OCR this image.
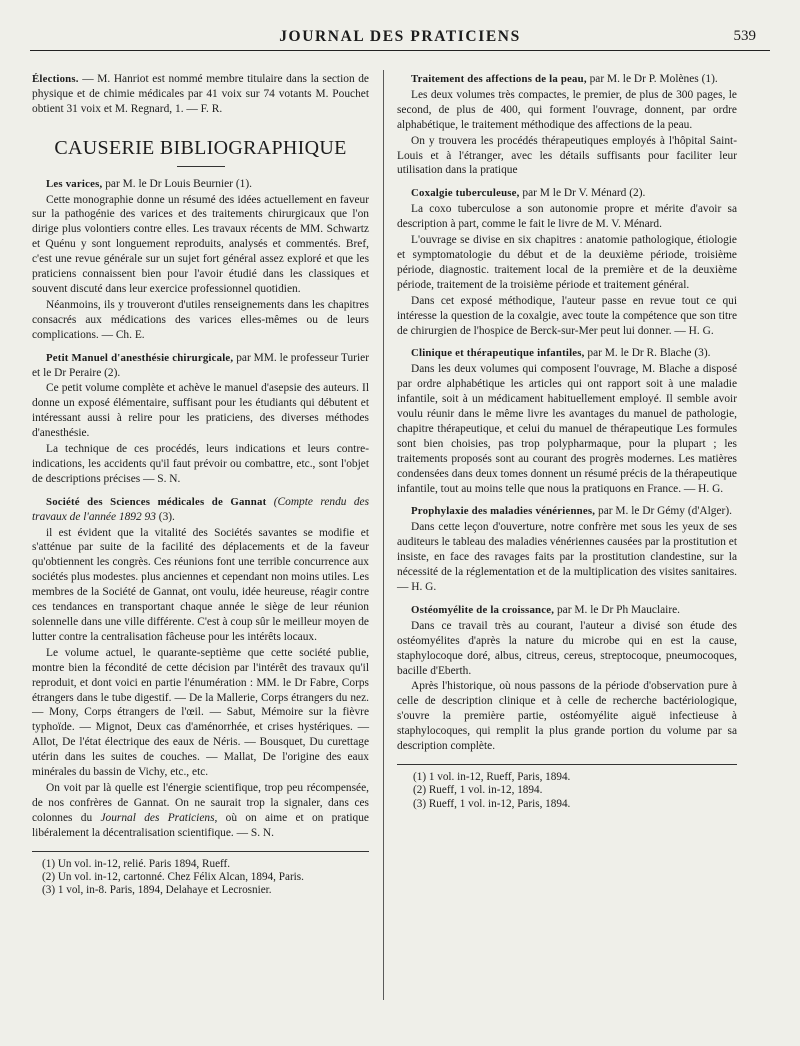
JOURNAL DES PRATICIENS	539

Élections. — M. Hanriot est nommé membre titulaire dans la section de physique et de chimie médicales par 41 voix sur 74 votants M. Pouchet obtient 31 voix et M. Regnard, 1. — F. R.

CAUSERIE BIBLIOGRAPHIQUE

Les varices, par M. le Dr Louis Beurnier (1).

Cette monographie donne un résumé des idées actuellement en faveur sur la pathogénie des varices et des traitements chirurgicaux que l'on dirige plus volontiers contre elles. Les travaux récents de MM. Schwartz et Quénu y sont longuement reproduits, analysés et commentés. Bref, c'est une revue générale sur un sujet fort général assez exploré et que les praticiens connaissent bien pour l'avoir étudié dans les classiques et souvent discuté dans leur exercice professionnel quotidien.

Néanmoins, ils y trouveront d'utiles renseignements dans les chapitres consacrés aux médications des varices elles-mêmes ou de leurs complications. — Ch. E.

Petit Manuel d'anesthésie chirurgicale, par MM. le professeur Turier et le Dr Peraire (2).

Ce petit volume complète et achève le manuel d'asepsie des auteurs. Il donne un exposé élémentaire, suffisant pour les étudiants qui débutent et intéressant aussi à relire pour les praticiens, des diverses méthodes d'anesthésie.

La technique de ces procédés, leurs indications et leurs contre-indications, les accidents qu'il faut prévoir ou combattre, etc., sont l'objet de descriptions précises — S. N.

Société des Sciences médicales de Gannat (Compte rendu des travaux de l'année 1892 93 (3).

il est évident que la vitalité des Sociétés savantes se modifie et s'atténue par suite de la facilité des déplacements et de la faveur qu'obtiennent les congrès. Ces réunions font une terrible concurrence aux sociétés plus modestes. plus anciennes et cependant non moins utiles. Les membres de la Société de Gannat, ont voulu, idée heureuse, réagir contre ces tendances en transportant chaque année le siège de leur réunion solennelle dans une ville différente. C'est à coup sûr le meilleur moyen de lutter contre la centralisation fâcheuse pour les intérêts locaux.

Le volume actuel, le quarante-septième que cette société publie, montre bien la fécondité de cette décision par l'intérêt des travaux qu'il reproduit, et dont voici en partie l'énumération : MM. le Dr Fabre, Corps étrangers dans le tube digestif. — De la Mallerie, Corps étrangers du nez. — Mony, Corps étrangers de l'œil. — Sabut, Mémoire sur la fièvre typhoïde. — Mignot, Deux cas d'aménorrhée, et crises hystériques. — Allot, De l'état électrique des eaux de Néris. — Bousquet, Du curettage utérin dans les suites de couches. — Mallat, De l'origine des eaux minérales du bassin de Vichy, etc., etc.

On voit par là quelle est l'énergie scientifique, trop peu récompensée, de nos confrères de Gannat. On ne saurait trop la signaler, dans ces colonnes du Journal des Praticiens, où on aime et on pratique libéralement la décentralisation scientifique. — S. N.

(1) Un vol. in-12, relié. Paris 1894, Rueff.
(2) Un vol. in-12, cartonné. Chez Félix Alcan, 1894, Paris.
(3) 1 vol, in-8. Paris, 1894, Delahaye et Lecrosnier.

Traitement des affections de la peau, par M. le Dr P. Molènes (1).

Les deux volumes très compactes, le premier, de plus de 300 pages, le second, de plus de 400, qui forment l'ouvrage, donnent, par ordre alphabétique, le traitement méthodique des affections de la peau.

On y trouvera les procédés thérapeutiques employés à l'hôpital Saint-Louis et à l'étranger, avec les détails suffisants pour faciliter leur utilisation dans la pratique

Coxalgie tuberculeuse, par M le Dr V. Ménard (2).

La coxo tuberculose a son autonomie propre et mérite d'avoir sa description à part, comme le fait le livre de M. V. Ménard.

L'ouvrage se divise en six chapitres : anatomie pathologique, étiologie et symptomatologie du début et de la deuxième période, troisième période, diagnostic. traitement local de la première et de la deuxième période, traitement de la troisième période et traitement général.

Dans cet exposé méthodique, l'auteur passe en revue tout ce qui intéresse la question de la coxalgie, avec toute la compétence que son titre de chirurgien de l'hospice de Berck-sur-Mer peut lui donner. — H. G.

Clinique et thérapeutique infantiles, par M. le Dr R. Blache (3).

Dans les deux volumes qui composent l'ouvrage, M. Blache a disposé par ordre alphabétique les articles qui ont rapport soit à une maladie infantile, soit à un médicament habituellement employé. Il semble avoir voulu réunir dans le même livre les avantages du manuel de pathologie, chapitre thérapeutique, et celui du manuel de thérapeutique Les formules sont bien choisies, pas trop polypharmaque, pour la plupart ; les traitements proposés sont au courant des progrès modernes. Les matières condensées dans deux tomes donnent un résumé précis de la thérapeutique infantile, tout au moins telle que nous la pratiquons en France. — H. G.

Prophylaxie des maladies vénériennes, par M. le Dr Gémy (d'Alger).

Dans cette leçon d'ouverture, notre confrère met sous les yeux de ses auditeurs le tableau des maladies vénériennes causées par la prostitution et insiste, en face des ravages faits par la prostitution clandestine, sur la nécessité de la réglementation et de la multiplication des visites sanitaires. — H. G.

Ostéomyélite de la croissance, par M. le Dr Ph Mauclaire.

Dans ce travail très au courant, l'auteur a divisé son étude des ostéomyélites d'après la nature du microbe qui en est la cause, staphylocoque doré, albus, citreus, cereus, streptocoque, pneumocoques, bacille d'Eberth.

Après l'historique, où nous passons de la période d'observation pure à celle de description clinique et à celle de recherche bactériologique, s'ouvre la première partie, ostéomyélite aiguë infectieuse à staphylocoques, qui remplit la plus grande portion du volume par sa description complète.

(1) 1 vol. in-12, Rueff, Paris, 1894.
(2) Rueff, 1 vol. in-12, 1894.
(3) Rueff, 1 vol. in-12, Paris, 1894.
